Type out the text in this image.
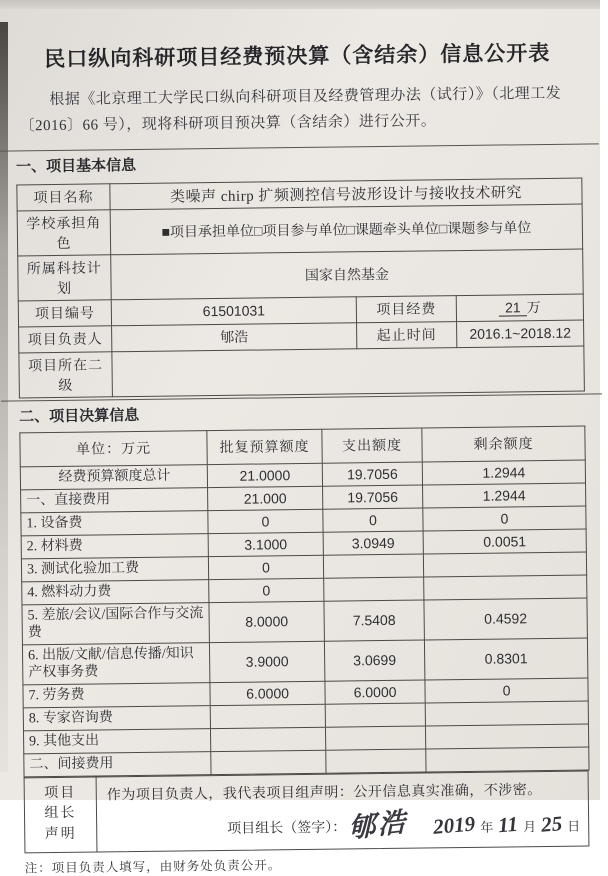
民口纵向科研项目经费预决算（含结余）信息公开表

根据《北京理工大学民口纵向科研项目及经费管理办法（试行）》（北理工发〔2016〕66 号），现将科研项目预决算（含结余）进行公开。

一、项目基本信息
项目名称	类噪声 chirp 扩频测控信号波形设计与接收技术研究		
学校承担角色	■项目承担单位□项目参与单位□课题牵头单位□课题参与单位		
所属科技计划	国家自然基金		
项目编号	61501031	项目经费	21 万
项目负责人	郇浩	起止时间	2016.1~2018.12
项目所在二级			
二、项目决算信息
单位：万元	批复预算额度	支出额度	剩余额度
经费预算额度总计	21.0000	19.7056	1.2944
一、直接费用	21.000	19.7056	1.2944
1. 设备费	0	0	0
2. 材料费	3.1000	3.0949	0.0051
3. 测试化验加工费	0		
4. 燃料动力费	0		
5. 差旅/会议/国际合作与交流费	8.0000	7.5408	0.4592
6. 出版/文献/信息传播/知识产权事务费	3.9000	3.0699	0.8301
7. 劳务费	6.0000	6.0000	0
8. 专家咨询费			
9. 其他支出			
二、间接费用			
项目
组长
声明
作为项目负责人，我代表项目组声明：公开信息真实准确，不涉密。
项目组长（签字）： 郇浩 2019 年 11 月 25 日
注：项目负责人填写，由财务处负责公开。
